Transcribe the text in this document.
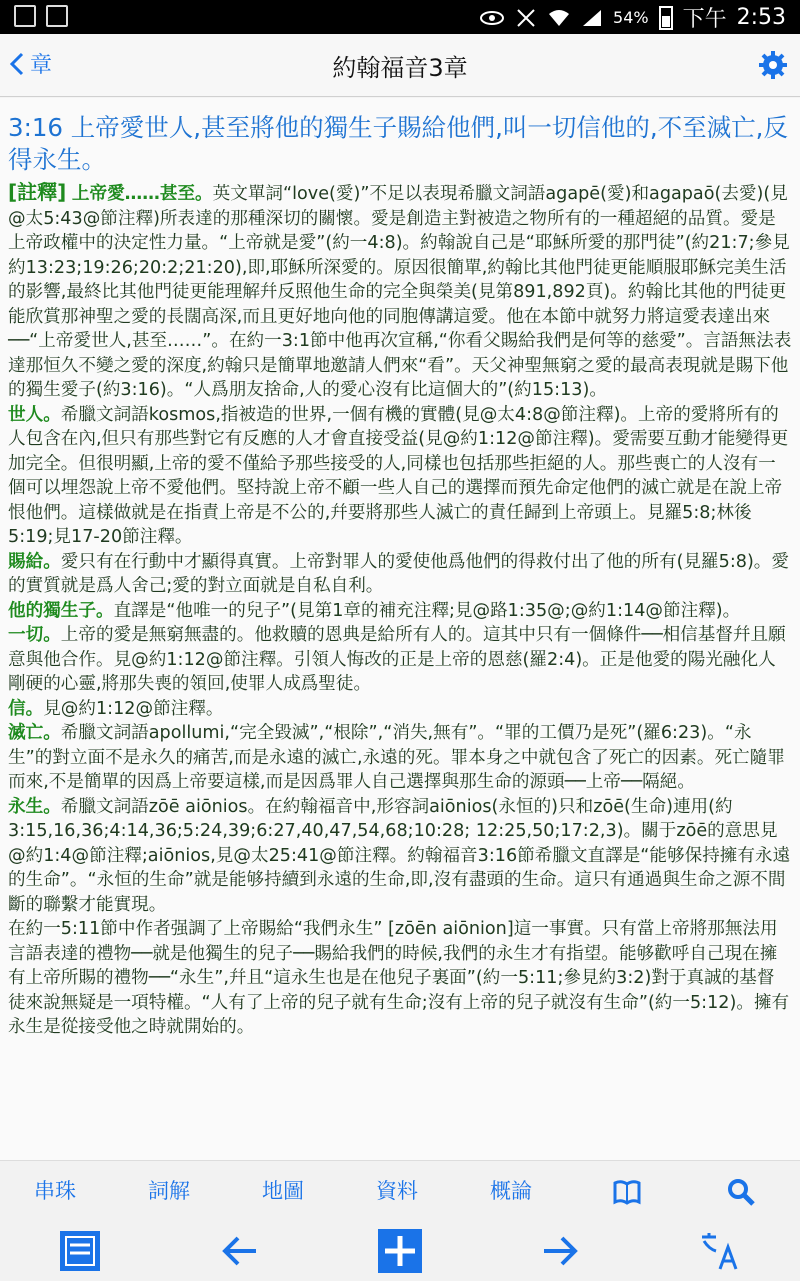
54% 下午 2:53
章	約翰福音3章
3:16 上帝愛世人,甚至將他的獨生子賜給他們,叫一切信他的,不至滅亡,反得永生。
[註釋] 上帝愛……甚至。英文單詞“love(愛)”不足以表現希臘文詞語agapē(愛)和agapaō(去愛)(見@太5:43@節注釋)所表達的那種深切的關懷。愛是創造主對被造之物所有的一種超絕的品質。愛是上帝政權中的決定性力量。“上帝就是愛”(約一4:8)。約翰說自己是“耶穌所愛的那門徒”(約21:7;參見約13:23;19:26;20:2;21:20),即,耶穌所深愛的。原因很簡單,約翰比其他門徒更能順服耶穌完美生活的影響,最終比其他門徒更能理解幷反照他生命的完全與榮美(見第891,892頁)。約翰比其他的門徒更能欣賞那神聖之愛的長闊高深,而且更好地向他的同胞傳講這愛。他在本節中就努力將這愛表達出來──“上帝愛世人,甚至……”。在約一3:1節中他再次宣稱,“你看父賜給我們是何等的慈愛”。言語無法表達那恒久不變之愛的深度,約翰只是簡單地邀請人們來“看”。天父神聖無窮之愛的最高表現就是賜下他的獨生愛子(約3:16)。“人爲朋友捨命,人的愛心沒有比這個大的”(約15:13)。
世人。希臘文詞語kosmos,指被造的世界,一個有機的實體(見@太4:8@節注釋)。上帝的愛將所有的人包含在內,但只有那些對它有反應的人才會直接受益(見@約1:12@節注釋)。愛需要互動才能變得更加完全。但很明顯,上帝的愛不僅給予那些接受的人,同樣也包括那些拒絕的人。那些喪亡的人沒有一個可以埋怨說上帝不愛他們。堅持說上帝不顧一些人自己的選擇而預先命定他們的滅亡就是在說上帝恨他們。這樣做就是在指責上帝是不公的,幷要將那些人滅亡的責任歸到上帝頭上。見羅5:8;林後5:19;見17-20節注釋。
賜給。愛只有在行動中才顯得真實。上帝對罪人的愛使他爲他們的得救付出了他的所有(見羅5:8)。愛的實質就是爲人舍己;愛的對立面就是自私自利。
他的獨生子。直譯是“他唯一的兒子”(見第1章的補充注釋;見@路1:35@;@約1:14@節注釋)。
一切。上帝的愛是無窮無盡的。他救贖的恩典是給所有人的。這其中只有一個條件──相信基督幷且願意與他合作。見@約1:12@節注釋。引領人悔改的正是上帝的恩慈(羅2:4)。正是他愛的陽光融化人剛硬的心靈,將那失喪的領回,使罪人成爲聖徒。
信。見@約1:12@節注釋。
滅亡。希臘文詞語apollumi,“完全毀滅”,“根除”,“消失,無有”。“罪的工價乃是死”(羅6:23)。“永生”的對立面不是永久的痛苦,而是永遠的滅亡,永遠的死。罪本身之中就包含了死亡的因素。死亡隨罪而來,不是簡單的因爲上帝要這樣,而是因爲罪人自己選擇與那生命的源頭──上帝──隔絕。
永生。希臘文詞語zōē aiōnios。在約翰福音中,形容詞aiōnios(永恒的)只和zōē(生命)連用(約3:15,16,36;4:14,36;5:24,39;6:27,40,47,54,68;10:28; 12:25,50;17:2,3)。關于zōē的意思見@約1:4@節注釋;aiōnios,見@太25:41@節注釋。約翰福音3:16節希臘文直譯是“能够保持擁有永遠的生命”。“永恒的生命”就是能够持續到永遠的生命,即,沒有盡頭的生命。這只有通過與生命之源不間斷的聯繫才能實現。
在約一5:11節中作者强調了上帝賜給“我們永生” [zōēn aiōnion]這一事實。只有當上帝將那無法用言語表達的禮物──就是他獨生的兒子──賜給我們的時候,我們的永生才有指望。能够歡呼自己現在擁有上帝所賜的禮物──“永生”,幷且“這永生也是在他兒子裏面”(約一5:11;參見約3:2)對于真誠的基督徒來說無疑是一項特權。“人有了上帝的兒子就有生命;沒有上帝的兒子就沒有生命”(約一5:12)。擁有永生是從接受他之時就開始的。
串珠	詞解	地圖	資料	概論
